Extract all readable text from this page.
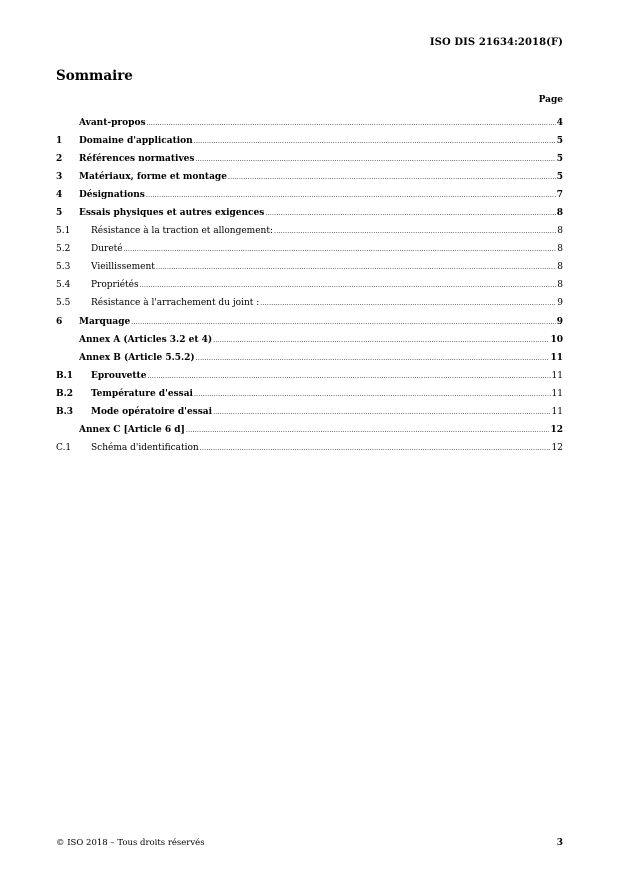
ISO DIS 21634:2018(F)
Sommaire
Page
Avant-propos .....	4
1	Domaine d'application .....	5
2	Références normatives .....	5
3	Matériaux, forme et montage .....	5
4	Désignations .....	7
5	Essais physiques et autres exigences .....	8
5.1	Résistance à la traction et allongement: .....	8
5.2	Dureté .....	8
5.3	Vieillissement .....	8
5.4	Propriétés .....	8
5.5	Résistance à l'arrachement du joint : .....	9
6	Marquage .....	9
Annex A (Articles 3.2 et 4) .....	10
Annex B (Article 5.5.2) .....	11
B.1	Eprouvette .....	11
B.2	Température d'essai .....	11
B.3	Mode opératoire d'essai .....	11
Annex C [Article 6 d] .....	12
C.1	Schéma d'identification .....	12
© ISO 2018 – Tous droits réservés	3
